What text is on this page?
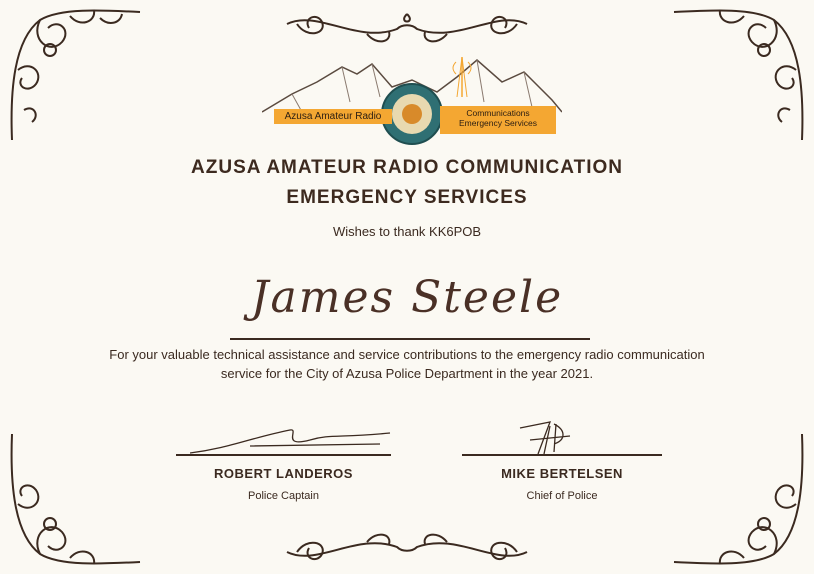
Azusa Amateur Radio	Communications Emergency Services
AZUSA AMATEUR RADIO COMMUNICATION
EMERGENCY SERVICES
Wishes to thank KK6POB
James Steele
For your valuable technical assistance and service contributions to the emergency radio communication service for the City of Azusa Police Department in the year 2021.
ROBERT LANDEROS
Police Captain
MIKE BERTELSEN
Chief of Police
